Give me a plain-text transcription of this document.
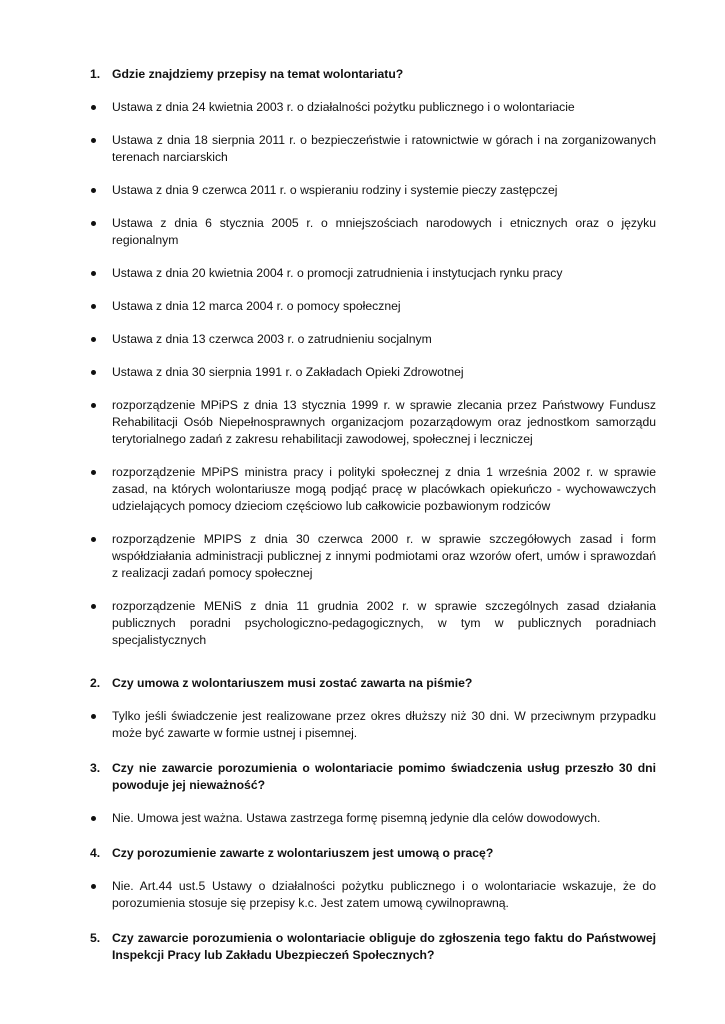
1. Gdzie znajdziemy przepisy na temat wolontariatu?
Ustawa z dnia 24 kwietnia 2003 r. o działalności pożytku publicznego i o wolontariacie
Ustawa z dnia 18 sierpnia 2011 r. o bezpieczeństwie i ratownictwie w górach i na zorganizowanych terenach narciarskich
Ustawa z dnia 9 czerwca 2011 r. o wspieraniu rodziny i systemie pieczy zastępczej
Ustawa z dnia 6 stycznia 2005 r. o mniejszościach narodowych i etnicznych oraz o języku regionalnym
Ustawa z dnia 20 kwietnia 2004 r. o promocji zatrudnienia i instytucjach rynku pracy
Ustawa z dnia 12 marca 2004 r. o pomocy społecznej
Ustawa z dnia 13 czerwca 2003 r. o zatrudnieniu socjalnym
Ustawa z dnia 30 sierpnia 1991 r. o Zakładach Opieki Zdrowotnej
rozporządzenie MPiPS z dnia 13 stycznia 1999 r. w sprawie zlecania przez Państwowy Fundusz Rehabilitacji Osób Niepełnosprawnych organizacjom pozarządowym oraz jednostkom samorządu terytorialnego zadań z zakresu rehabilitacji zawodowej, społecznej i leczniczej
rozporządzenie MPiPS ministra pracy i polityki społecznej z dnia 1 września 2002 r. w sprawie zasad, na których wolontariusze mogą podjąć pracę w placówkach opiekuńczo - wychowawczych udzielających pomocy dzieciom częściowo lub całkowicie pozbawionym rodziców
rozporządzenie MPIPS z dnia 30 czerwca 2000 r. w sprawie szczegółowych zasad i form współdziałania administracji publicznej z innymi podmiotami oraz wzorów ofert, umów i sprawozdań z realizacji zadań pomocy społecznej
rozporządzenie MENiS z dnia 11 grudnia 2002 r. w sprawie szczególnych zasad działania publicznych poradni psychologiczno-pedagogicznych, w tym w publicznych poradniach specjalistycznych
2. Czy umowa z wolontariuszem musi zostać zawarta na piśmie?
Tylko jeśli świadczenie jest realizowane przez okres dłuższy niż 30 dni. W przeciwnym przypadku może być zawarte w formie ustnej i pisemnej.
3. Czy nie zawarcie porozumienia o wolontariacie pomimo świadczenia usług przeszło 30 dni powoduje jej nieważność?
Nie. Umowa jest ważna. Ustawa zastrzega formę pisemną jedynie dla celów dowodowych.
4. Czy porozumienie zawarte z wolontariuszem jest umową o pracę?
Nie. Art.44 ust.5 Ustawy o działalności pożytku publicznego i o wolontariacie wskazuje, że do porozumienia stosuje się przepisy k.c. Jest zatem umową cywilnoprawną.
5. Czy zawarcie porozumienia o wolontariacie obliguje do zgłoszenia tego faktu do Państwowej Inspekcji Pracy lub Zakładu Ubezpieczeń Społecznych?
